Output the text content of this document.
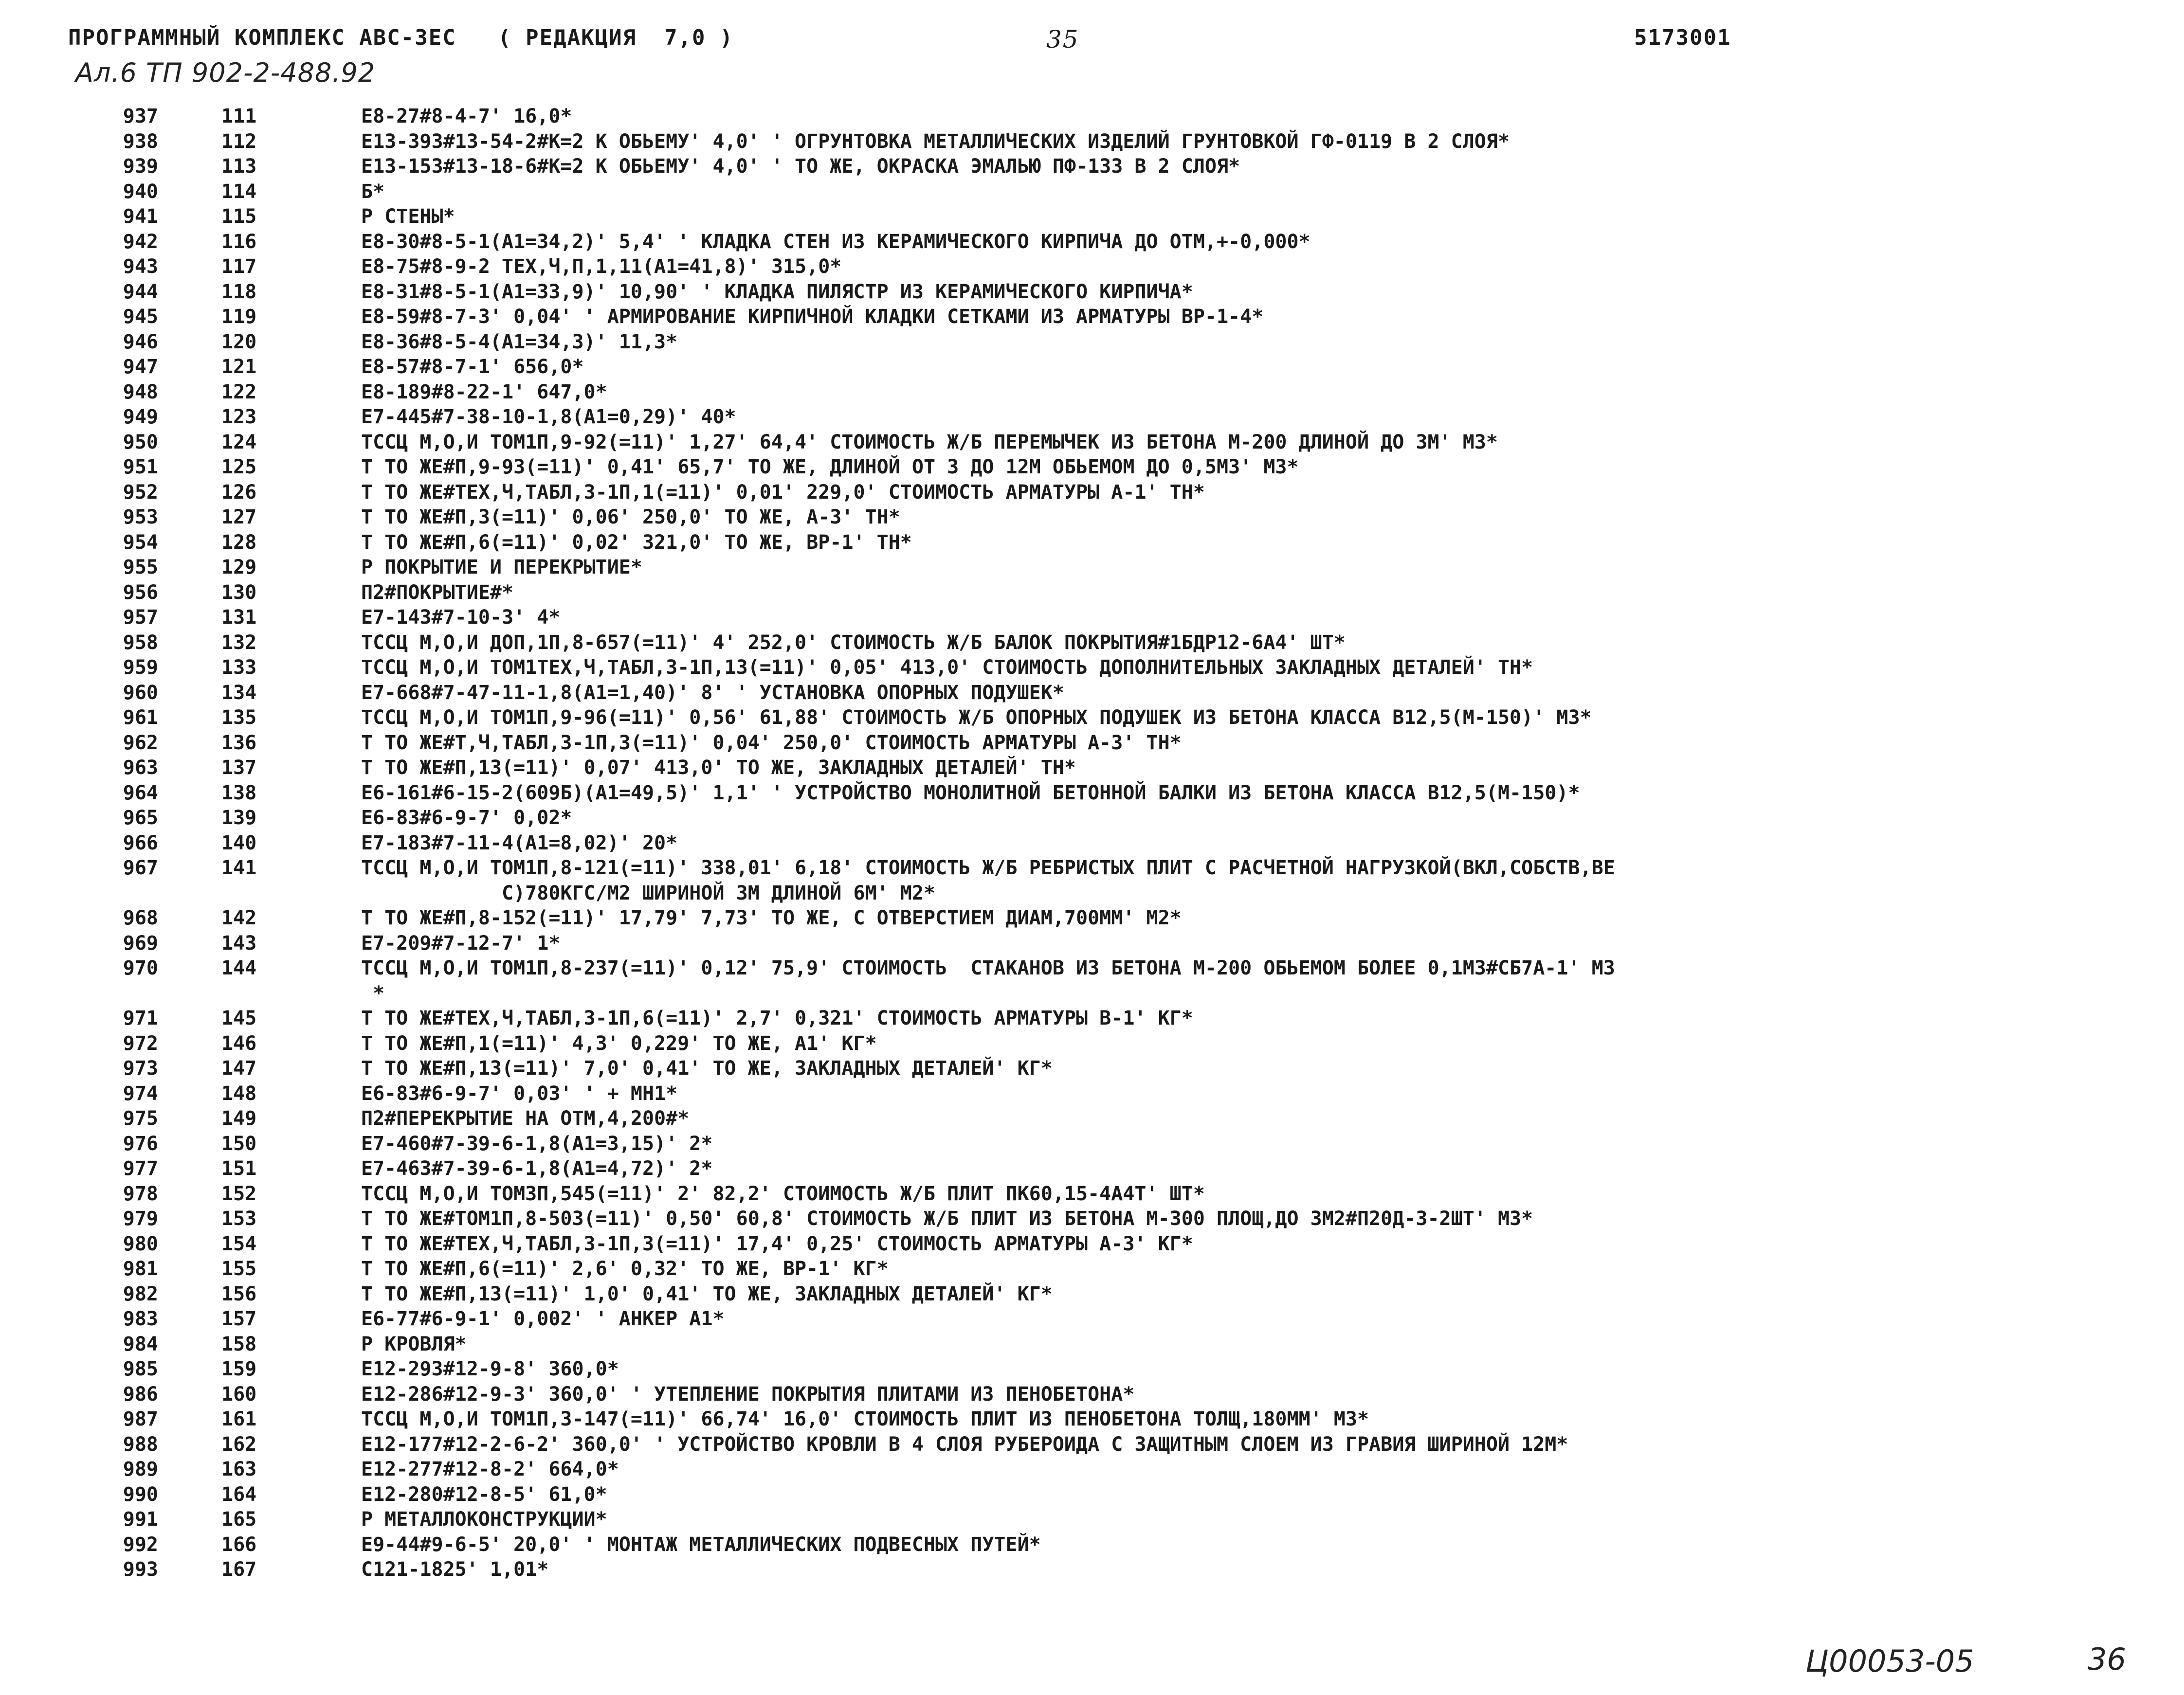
ПРОГРАММНЫЙ КОМПЛЕКС АВС-3ЕС   ( РЕДАКЦИЯ  7,0 )

	35

	5173001

Ал.6 ТП 902-2-488.92
937	111	Е8-27#8-4-7' 16,0*
938	112	Е13-393#13-54-2#К=2 К ОБЬЕМУ' 4,0' ' ОГРУНТОВКА МЕТАЛЛИЧЕСКИХ ИЗДЕЛИЙ ГРУНТОВКОЙ ГФ-0119 В 2 СЛОЯ*
939	113	Е13-153#13-18-6#К=2 К ОБЬЕМУ' 4,0' ' ТО ЖЕ, ОКРАСКА ЭМАЛЬЮ ПФ-133 В 2 СЛОЯ*
940	114	Б*
941	115	Р СТЕНЫ*
942	116	Е8-30#8-5-1(А1=34,2)' 5,4' ' КЛАДКА СТЕН ИЗ КЕРАМИЧЕСКОГО КИРПИЧА ДО ОТМ,+-0,000*
943	117	Е8-75#8-9-2 ТЕХ,Ч,П,1,11(А1=41,8)' 315,0*
944	118	Е8-31#8-5-1(А1=33,9)' 10,90' ' КЛАДКА ПИЛЯСТР ИЗ КЕРАМИЧЕСКОГО КИРПИЧА*
945	119	Е8-59#8-7-3' 0,04' ' АРМИРОВАНИЕ КИРПИЧНОЙ КЛАДКИ СЕТКАМИ ИЗ АРМАТУРЫ ВР-1-4*
946	120	Е8-36#8-5-4(А1=34,3)' 11,3*
947	121	Е8-57#8-7-1' 656,0*
948	122	Е8-189#8-22-1' 647,0*
949	123	Е7-445#7-38-10-1,8(А1=0,29)' 40*
950	124	ТССЦ М,О,И ТОМ1П,9-92(=11)' 1,27' 64,4' СТОИМОСТЬ Ж/Б ПЕРЕМЫЧЕК ИЗ БЕТОНА М-200 ДЛИНОЙ ДО 3М' М3*
951	125	Т ТО ЖЕ#П,9-93(=11)' 0,41' 65,7' ТО ЖЕ, ДЛИНОЙ ОТ 3 ДО 12М ОБЬЕМОМ ДО 0,5М3' М3*
952	126	Т ТО ЖЕ#ТЕХ,Ч,ТАБЛ,3-1П,1(=11)' 0,01' 229,0' СТОИМОСТЬ АРМАТУРЫ А-1' ТН*
953	127	Т ТО ЖЕ#П,3(=11)' 0,06' 250,0' ТО ЖЕ, А-3' ТН*
954	128	Т ТО ЖЕ#П,6(=11)' 0,02' 321,0' ТО ЖЕ, ВР-1' ТН*
955	129	Р ПОКРЫТИЕ И ПЕРЕКРЫТИЕ*
956	130	П2#ПОКРЫТИЕ#*
957	131	Е7-143#7-10-3' 4*
958	132	ТССЦ М,О,И ДОП,1П,8-657(=11)' 4' 252,0' СТОИМОСТЬ Ж/Б БАЛОК ПОКРЫТИЯ#1БДР12-6А4' ШТ*
959	133	ТССЦ М,О,И ТОМ1ТЕХ,Ч,ТАБЛ,3-1П,13(=11)' 0,05' 413,0' СТОИМОСТЬ ДОПОЛНИТЕЛЬНЫХ ЗАКЛАДНЫХ ДЕТАЛЕЙ' ТН*
960	134	Е7-668#7-47-11-1,8(А1=1,40)' 8' ' УСТАНОВКА ОПОРНЫХ ПОДУШЕК*
961	135	ТССЦ М,О,И ТОМ1П,9-96(=11)' 0,56' 61,88' СТОИМОСТЬ Ж/Б ОПОРНЫХ ПОДУШЕК ИЗ БЕТОНА КЛАССА В12,5(М-150)' М3*
962	136	Т ТО ЖЕ#Т,Ч,ТАБЛ,3-1П,3(=11)' 0,04' 250,0' СТОИМОСТЬ АРМАТУРЫ А-3' ТН*
963	137	Т ТО ЖЕ#П,13(=11)' 0,07' 413,0' ТО ЖЕ, ЗАКЛАДНЫХ ДЕТАЛЕЙ' ТН*
964	138	Е6-161#6-15-2(609Б)(А1=49,5)' 1,1' ' УСТРОЙСТВО МОНОЛИТНОЙ БЕТОННОЙ БАЛКИ ИЗ БЕТОНА КЛАССА В12,5(М-150)*
965	139	Е6-83#6-9-7' 0,02*
966	140	Е7-183#7-11-4(А1=8,02)' 20*
967	141	ТССЦ М,О,И ТОМ1П,8-121(=11)' 338,01' 6,18' СТОИМОСТЬ Ж/Б РЕБРИСТЫХ ПЛИТ С РАСЧЕТНОЙ НАГРУЗКОЙ(ВКЛ,СОБСТВ,ВЕ
С)780КГС/М2 ШИРИНОЙ 3М ДЛИНОЙ 6М' М2*
968	142	Т ТО ЖЕ#П,8-152(=11)' 17,79' 7,73' ТО ЖЕ, С ОТВЕРСТИЕМ ДИАМ,700ММ' М2*
969	143	Е7-209#7-12-7' 1*
970	144	ТССЦ М,О,И ТОМ1П,8-237(=11)' 0,12' 75,9' СТОИМОСТЬ  СТАКАНОВ ИЗ БЕТОНА М-200 ОБЬЕМОМ БОЛЕЕ 0,1М3#СБ7А-1' М3
*
971	145	Т ТО ЖЕ#ТЕХ,Ч,ТАБЛ,3-1П,6(=11)' 2,7' 0,321' СТОИМОСТЬ АРМАТУРЫ В-1' КГ*
972	146	Т ТО ЖЕ#П,1(=11)' 4,3' 0,229' ТО ЖЕ, А1' КГ*
973	147	Т ТО ЖЕ#П,13(=11)' 7,0' 0,41' ТО ЖЕ, ЗАКЛАДНЫХ ДЕТАЛЕЙ' КГ*
974	148	Е6-83#6-9-7' 0,03' ' + МН1*
975	149	П2#ПЕРЕКРЫТИЕ НА ОТМ,4,200#*
976	150	Е7-460#7-39-6-1,8(А1=3,15)' 2*
977	151	Е7-463#7-39-6-1,8(А1=4,72)' 2*
978	152	ТССЦ М,О,И ТОМ3П,545(=11)' 2' 82,2' СТОИМОСТЬ Ж/Б ПЛИТ ПК60,15-4А4Т' ШТ*
979	153	Т ТО ЖЕ#ТОМ1П,8-503(=11)' 0,50' 60,8' СТОИМОСТЬ Ж/Б ПЛИТ ИЗ БЕТОНА М-300 ПЛОЩ,ДО 3М2#П20Д-3-2ШТ' М3*
980	154	Т ТО ЖЕ#ТЕХ,Ч,ТАБЛ,3-1П,3(=11)' 17,4' 0,25' СТОИМОСТЬ АРМАТУРЫ А-3' КГ*
981	155	Т ТО ЖЕ#П,6(=11)' 2,6' 0,32' ТО ЖЕ, ВР-1' КГ*
982	156	Т ТО ЖЕ#П,13(=11)' 1,0' 0,41' ТО ЖЕ, ЗАКЛАДНЫХ ДЕТАЛЕЙ' КГ*
983	157	Е6-77#6-9-1' 0,002' ' АНКЕР А1*
984	158	Р КРОВЛЯ*
985	159	Е12-293#12-9-8' 360,0*
986	160	Е12-286#12-9-3' 360,0' ' УТЕПЛЕНИЕ ПОКРЫТИЯ ПЛИТАМИ ИЗ ПЕНОБЕТОНА*
987	161	ТССЦ М,О,И ТОМ1П,3-147(=11)' 66,74' 16,0' СТОИМОСТЬ ПЛИТ ИЗ ПЕНОБЕТОНА ТОЛЩ,180ММ' М3*
988	162	Е12-177#12-2-6-2' 360,0' ' УСТРОЙСТВО КРОВЛИ В 4 СЛОЯ РУБЕРОИДА С ЗАЩИТНЫМ СЛОЕМ ИЗ ГРАВИЯ ШИРИНОЙ 12М*
989	163	Е12-277#12-8-2' 664,0*
990	164	Е12-280#12-8-5' 61,0*
991	165	Р МЕТАЛЛОКОНСТРУКЦИИ*
992	166	Е9-44#9-6-5' 20,0' ' МОНТАЖ МЕТАЛЛИЧЕСКИХ ПОДВЕСНЫХ ПУТЕЙ*
993	167	С121-1825' 1,01*
Ц00053-05	36
